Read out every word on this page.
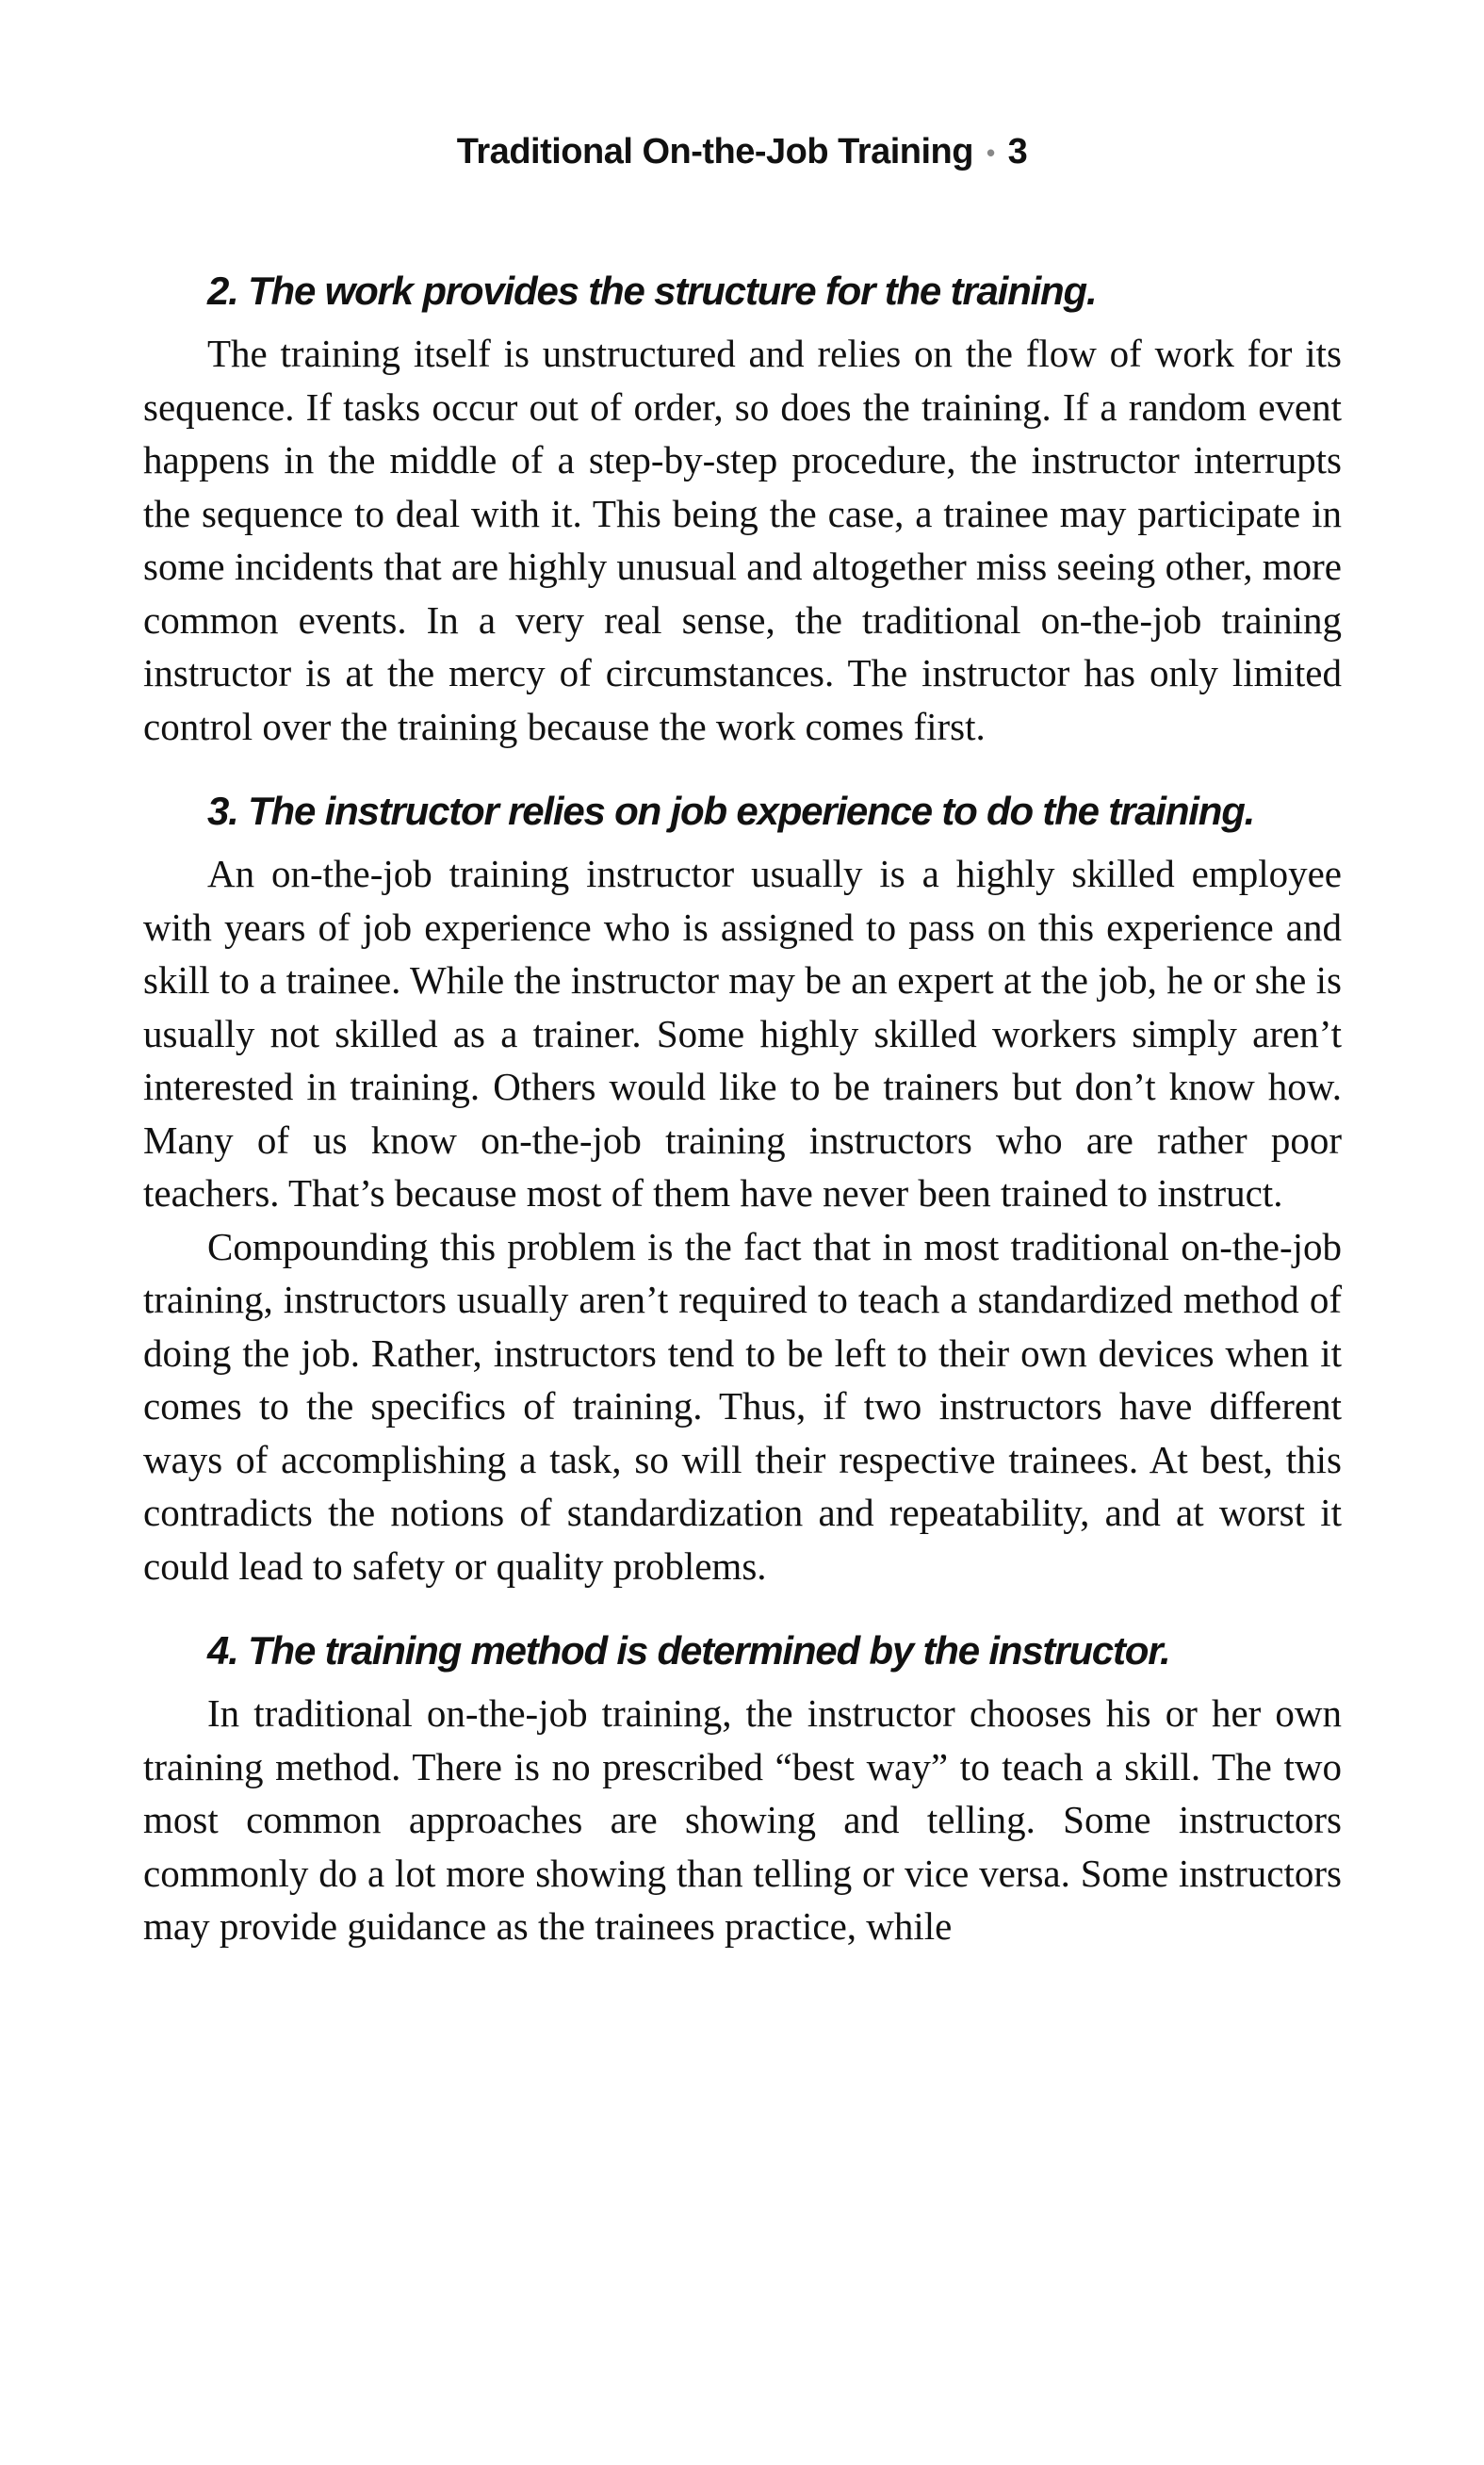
Traditional On-the-Job Training • 3
2. The work provides the structure for the training.

The training itself is unstructured and relies on the flow of work for its sequence. If tasks occur out of order, so does the training. If a random event happens in the middle of a step-by-step procedure, the instructor interrupts the sequence to deal with it. This being the case, a trainee may participate in some incidents that are highly unusual and altogether miss seeing other, more common events. In a very real sense, the traditional on-the-job training instructor is at the mercy of circumstances. The instructor has only limited control over the training because the work comes first.

3. The instructor relies on job experience to do the training.

An on-the-job training instructor usually is a highly skilled employee with years of job experience who is assigned to pass on this experience and skill to a trainee. While the instructor may be an expert at the job, he or she is usually not skilled as a trainer. Some highly skilled workers simply aren’t interested in training. Others would like to be trainers but don’t know how. Many of us know on-the-job training instructors who are rather poor teachers. That’s because most of them have never been trained to instruct.

Compounding this problem is the fact that in most traditional on-the-job training, instructors usually aren’t required to teach a standardized method of doing the job. Rather, instructors tend to be left to their own devices when it comes to the specifics of training. Thus, if two instructors have different ways of accomplishing a task, so will their respective trainees. At best, this contradicts the notions of standardization and repeatability, and at worst it could lead to safety or quality problems.

4. The training method is determined by the instructor.

In traditional on-the-job training, the instructor chooses his or her own training method. There is no prescribed “best way” to teach a skill. The two most common approaches are showing and telling. Some instructors commonly do a lot more showing than telling or vice versa. Some instructors may provide guidance as the trainees practice, while
